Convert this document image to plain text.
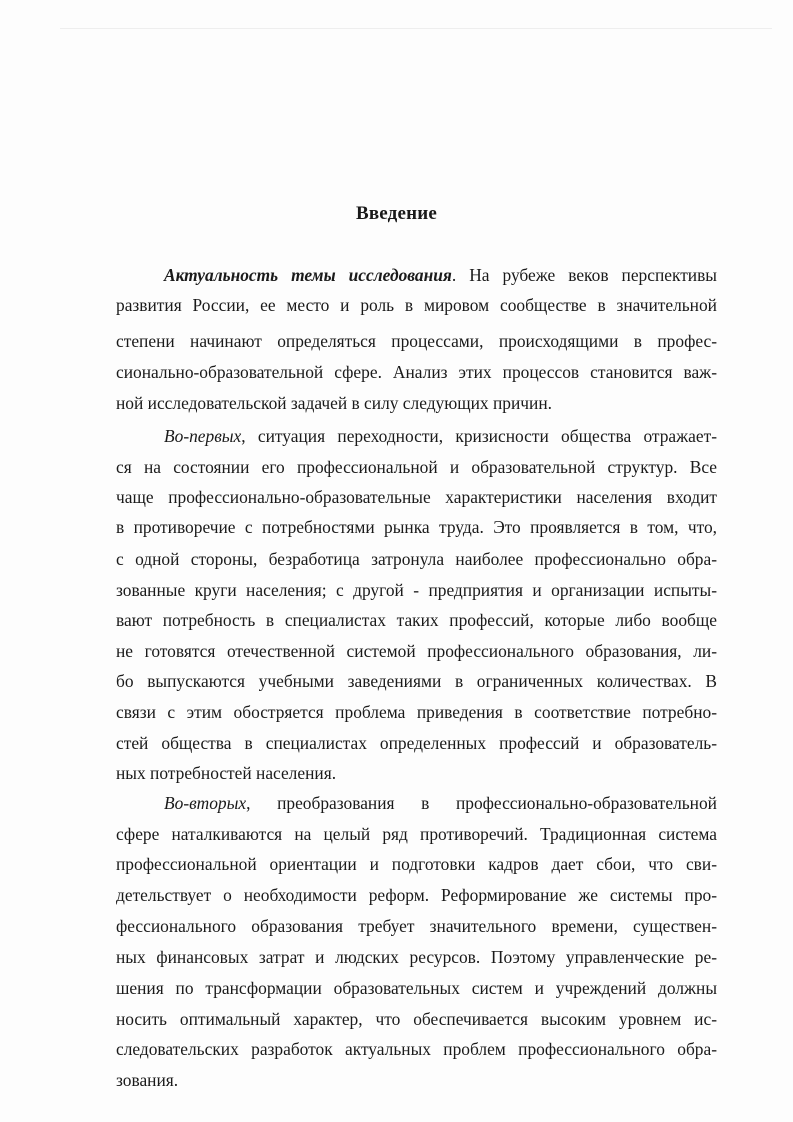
Введение
Актуальность темы исследования. На рубеже веков перспективы
развития России, ее место и роль в мировом сообществе в значительной
степени начинают определяться процессами, происходящими в профес-
сионально-образовательной сфере. Анализ этих процессов становится важ-
ной исследовательской задачей в силу следующих причин.
Во-первых, ситуация переходности, кризисности общества отражает-
ся на состоянии его профессиональной и образовательной структур. Все
чаще профессионально-образовательные характеристики населения входит
в противоречие с потребностями рынка труда. Это проявляется в том, что,
с одной стороны, безработица затронула наиболее профессионально обра-
зованные круги населения; с другой - предприятия и организации испыты-
вают потребность в специалистах таких профессий, которые либо вообще
не готовятся отечественной системой профессионального образования, ли-
бо выпускаются учебными заведениями в ограниченных количествах. В
связи с этим обостряется проблема приведения в соответствие потребно-
стей общества в специалистах определенных профессий и образователь-
ных потребностей населения.
Во-вторых, преобразования в профессионально-образовательной
сфере наталкиваются на целый ряд противоречий. Традиционная система
профессиональной ориентации и подготовки кадров дает сбои, что сви-
детельствует о необходимости реформ. Реформирование же системы про-
фессионального образования требует значительного времени, существен-
ных финансовых затрат и людских ресурсов. Поэтому управленческие ре-
шения по трансформации образовательных систем и учреждений должны
носить оптимальный характер, что обеспечивается высоким уровнем ис-
следовательских разработок актуальных проблем профессионального обра-
зования.
